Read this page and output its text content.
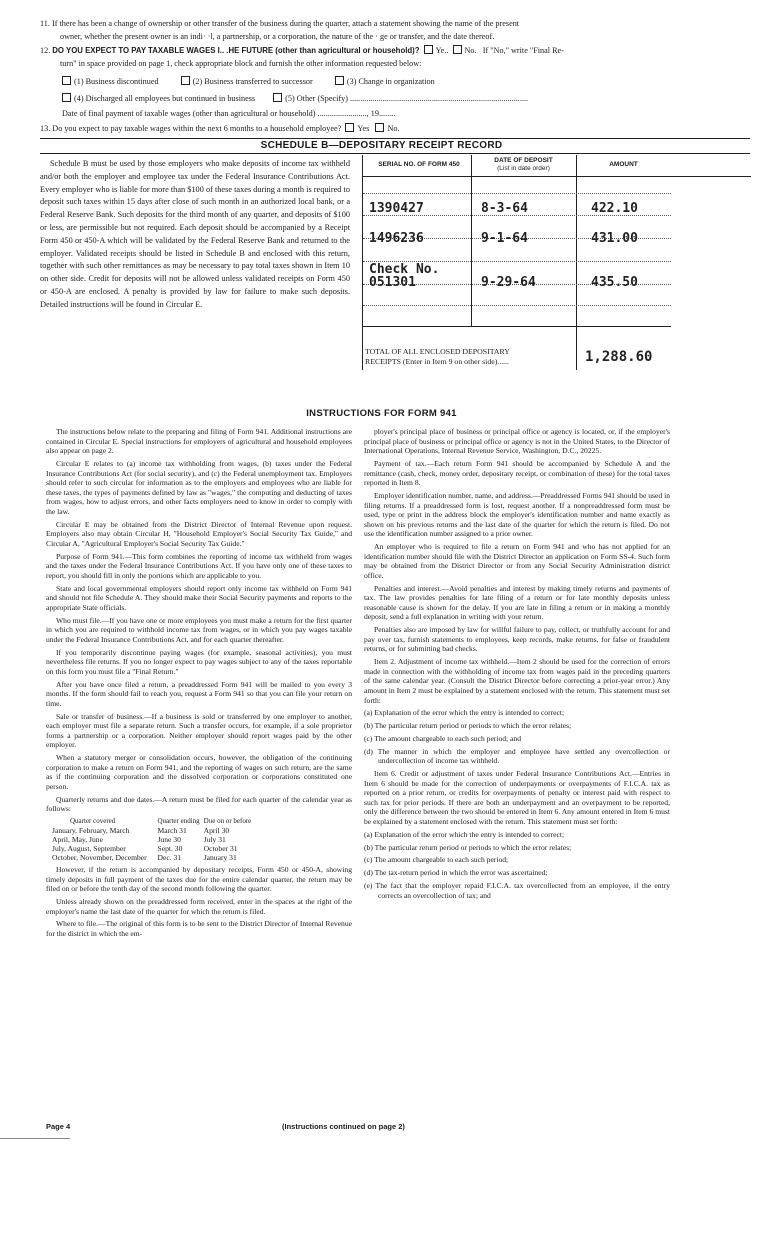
11. If there has been a change of ownership or other transfer of the business during the quarter, attach a statement showing the name of the present
owner, whether the present owner is an indi· ·l, a partnership, or a corporation, the nature of the · ge or transfer, and the date thereof.
12. DO YOU EXPECT TO PAY TAXABLE WAGES I.. .HE FUTURE (other than agricultural or household)? Ye.. No. If "No," write "Final Re-
turn" in space provided on page 1, check appropriate block and furnish the other information requested below:
(1) Business discontinued	(2) Business transferred to successor	(3) Change in organization
(4) Discharged all employees but continued in business	(5) Other (Specify) .......................................................................................
Date of final payment of taxable wages (other than agricultural or household) ........................, 19........
13. Do you expect to pay taxable wages within the next 6 months to a household employee? Yes No.
SCHEDULE B—DEPOSITARY RECEIPT RECORD

Schedule B must be used by those employers who make deposits of income tax withheld and/or both the employer and employee tax under the Federal Insurance Contributions Act. Every employer who is liable for more than $100 of these taxes during a month is required to deposit such taxes within 15 days after close of such month in an authorized local bank, or a Federal Reserve Bank. Such deposits for the third month of any quarter, and deposits of $100 or less, are permissible but not required. Each deposit should be accompanied by a Receipt Form 450 or 450-A which will be validated by the Federal Reserve Bank and returned to the employer. Validated receipts should be listed in Schedule B and enclosed with this return, together with such other remittances as may be necessary to pay total taxes shown in Item 10 on other side. Credit for deposits will not be allowed unless validated receipts on Form 450 or 450-A are enclosed. A penalty is provided by law for failure to make such deposits. Detailed instructions will be found in Circular E.

SERIAL NO. OF FORM 450
DATE OF DEPOSIT
(List in date order)
AMOUNT
1390427	8-3-64	422.10
1496236	9-1-64	431.00
Check No.
051301	9-29-64	435.50
TOTAL OF ALL ENCLOSED DEPOSITARY
RECEIPTS (Enter in Item 9 on other side)......	1,288.60
INSTRUCTIONS FOR FORM 941

The instructions below relate to the preparing and filing of Form 941. Additional instructions are contained in Circular E. Special instructions for employers of agricultural and household employees also appear on page 2.

Circular E relates to (a) income tax withholding from wages, (b) taxes under the Federal Insurance Contributions Act (for social security), and (c) the Federal unemployment tax. Employers should refer to such circular for information as to the employers and employees who are liable for these taxes, the types of payments defined by law as "wages," the computing and deducting of taxes from wages, how to adjust errors, and other facts employers need to know in order to comply with the law.

Circular E may be obtained from the District Director of Internal Revenue upon request. Employers also may obtain Circular H, "Household Employer's Social Security Tax Guide," and Circular A, "Agricultural Employer's Social Security Tax Guide."

Purpose of Form 941.—This form combines the reporting of income tax withheld from wages and the taxes under the Federal Insurance Contributions Act. If you have only one of these taxes to report, you should fill in only the portions which are applicable to you.

State and local governmental employers should report only income tax withheld on Form 941 and should not file Schedule A. They should make their Social Security payments and reports to the appropriate State officials.

Who must file.—If you have one or more employees you must make a return for the first quarter in which you are required to withhold income tax from wages, or in which you pay wages taxable under the Federal Insurance Contributions Act, and for each quarter thereafter.

If you temporarily discontinue paying wages (for example, seasonal activities), you must nevertheless file returns. If you no longer expect to pay wages subject to any of the taxes reportable on this form you must file a "Final Return."

After you have once filed a return, a preaddressed Form 941 will be mailed to you every 3 months. If the form should fail to reach you, request a Form 941 so that you can file your return on time.

Sale or transfer of business.—If a business is sold or transferred by one employer to another, each employer must file a separate return. Such a transfer occurs, for example, if a sole proprietor forms a partnership or a corporation. Neither employer should report wages paid by the other employer.

When a statutory merger or consolidation occurs, however, the obligation of the continuing corporation to make a return on Form 941, and the reporting of wages on such return, are the same as if the continuing corporation and the dissolved corporation or corporations constituted one person.

Quarterly returns and due dates.—A return must be filed for each quarter of the calendar year as follows:

Quarter covered	Quarter ending	Due on or before
January, February, March	March 31	April 30
April, May, June	June 30	July 31
July, August, September	Sept. 30	October 31
October, November, December	Dec. 31	January 31

However, if the return is accompanied by depositary receipts, Form 450 or 450-A, showing timely deposits in full payment of the taxes due for the entire calendar quarter, the return may be filed on or before the tenth day of the second month following the quarter.

Unless already shown on the preaddressed form received, enter in the spaces at the right of the employer's name the last date of the quarter for which the return is filed.

Where to file.—The original of this form is to be sent to the District Director of Internal Revenue for the district in which the em-

ployer's principal place of business or principal office or agency is located, or, if the employer's principal place of business or principal office or agency is not in the United States, to the Director of International Operations, Internal Revenue Service, Washington, D.C., 20225.

Payment of tax.—Each return Form 941 should be accompanied by Schedule A and the remittance (cash, check, money order, depositary receipt, or combination of these) for the total taxes reported in Item 8.

Employer identification number, name, and address.—Preaddressed Forms 941 should be used in filing returns. If a preaddressed form is lost, request another. If a nonpreaddressed form must be used, type or print in the address block the employer's identification number and name exactly as shown on his previous returns and the last date of the quarter for which the return is filed. Do not use the identification number assigned to a prior owner.

An employer who is required to file a return on Form 941 and who has not applied for an identification number should file with the District Director an application on Form SS-4. Such form may be obtained from the District Director or from any Social Security Administration district office.

Penalties and interest.—Avoid penalties and interest by making timely returns and payments of tax. The law provides penalties for late filing of a return or for late monthly deposits unless reasonable cause is shown for the delay. If you are late in filing a return or in making a monthly deposit, send a full explanation in writing with your return.

Penalties also are imposed by law for willful failure to pay, collect, or truthfully account for and pay over tax, furnish statements to employees, keep records, make returns, for false or fraudulent returns, or for submitting bad checks.

Item 2. Adjustment of income tax withheld.—Item 2 should be used for the correction of errors made in connection with the withholding of income tax from wages paid in the preceding quarters of the same calendar year. (Consult the District Director before correcting a prior-year error.) Any amount in Item 2 must be explained by a statement enclosed with the return. This statement must set forth:

(a) Explanation of the error which the entry is intended to correct;

(b) The particular return period or periods to which the error relates;

(c) The amount chargeable to each such period; and

(d) The manner in which the employer and employee have settled any overcollection or undercollection of income tax withheld.

Item 6. Credit or adjustment of taxes under Federal Insurance Contributions Act.—Entries in Item 6 should be made for the correction of underpayments or overpayments of F.I.C.A. tax as reported on a prior return, or credits for overpayments of penalty or interest paid with respect to such tax for prior periods. If there are both an underpayment and an overpayment to be reported, only the difference between the two should be entered in Item 6. Any amount entered in Item 6 must be explained by a statement enclosed with the return. This statement must set forth:

(a) Explanation of the error which the entry is intended to correct;

(b) The particular return period or periods to which the error relates;

(c) The amount chargeable to each such period;

(d) The tax-return period in which the error was ascertained;

(e) The fact that the employer repaid F.I.C.A. tax overcollected from an employee, if the entry corrects an overcollection of tax; and

Page 4	(Instructions continued on page 2)
